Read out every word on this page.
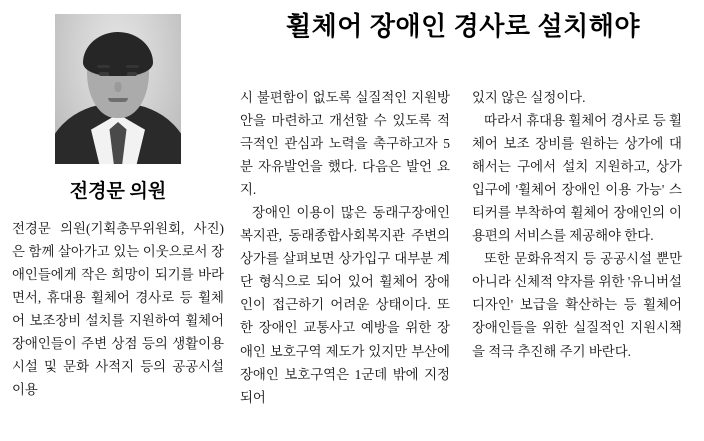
휠체어 장애인 경사로 설치해야
전경문 의원
전경문 의원(기획총무위원회, 사진)은 함께 살아가고 있는 이웃으로서 장애인들에게 작은 희망이 되기를 바라면서, 휴대용 휠체어 경사로 등 휠체어 보조장비 설치를 지원하여 휠체어 장애인들이 주변 상점 등의 생활이용시설 및 문화 사적지 등의 공공시설 이용

시 불편함이 없도록 실질적인 지원방안을 마련하고 개선할 수 있도록 적극적인 관심과 노력을 촉구하고자 5분 자유발언을 했다. 다음은 발언 요지.

장애인 이용이 많은 동래구장애인복지관, 동래종합사회복지관 주변의 상가를 살펴보면 상가입구 대부분 계단 형식으로 되어 있어 휠체어 장애인이 접근하기 어려운 상태이다. 또한 장애인 교통사고 예방을 위한 장애인 보호구역 제도가 있지만 부산에 장애인 보호구역은 1군데 밖에 지정되어

있지 않은 실정이다.

따라서 휴대용 휠체어 경사로 등 휠체어 보조 장비를 원하는 상가에 대해서는 구에서 설치 지원하고, 상가 입구에 '휠체어 장애인 이용 가능' 스티커를 부착하여 휠체어 장애인의 이용편의 서비스를 제공해야 한다.

또한 문화유적지 등 공공시설 뿐만 아니라 신체적 약자를 위한 '유니버설 디자인' 보급을 확산하는 등 휠체어 장애인들을 위한 실질적인 지원시책을 적극 추진해 주기 바란다.
